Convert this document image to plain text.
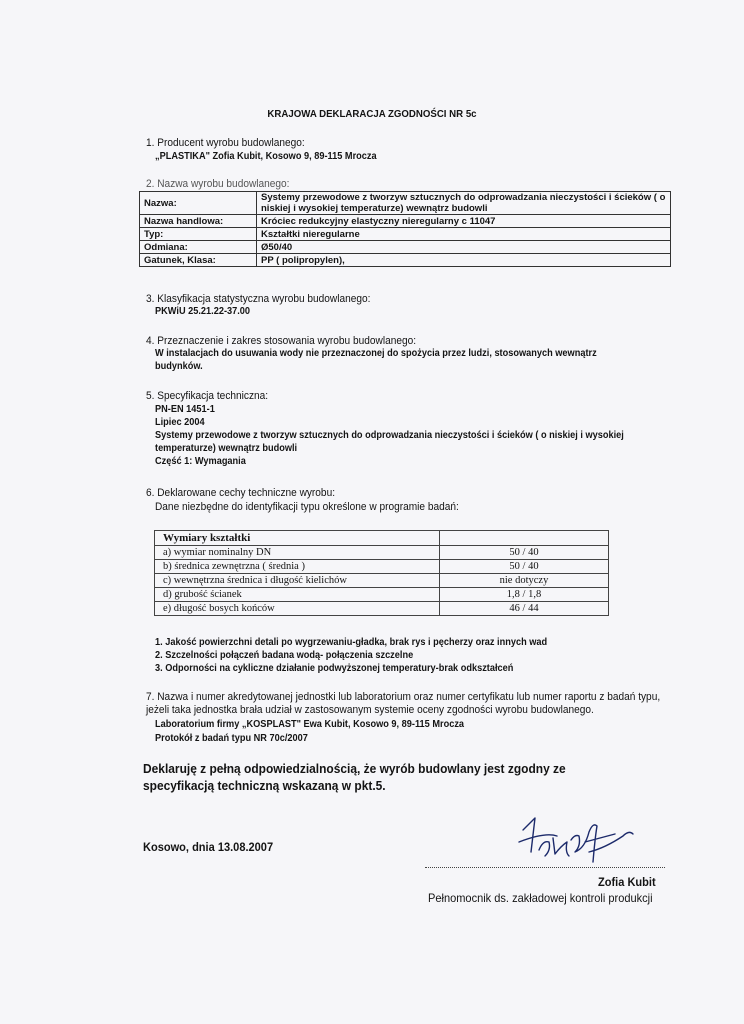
KRAJOWA DEKLARACJA ZGODNOŚCI NR 5c
1. Producent wyrobu budowlanego:
„PLASTIKA" Zofia Kubit, Kosowo 9, 89-115 Mrocza
2. Nazwa wyrobu budowlanego:
Nazwa:	Systemy przewodowe z tworzyw sztucznych do odprowadzania nieczystości i ścieków ( o niskiej i wysokiej temperaturze) wewnątrz budowli
Nazwa handlowa:	Króciec redukcyjny elastyczny nieregularny c 11047
Typ:	Kształtki nieregularne
Odmiana:	Ø50/40
Gatunek, Klasa:	PP ( polipropylen),
3. Klasyfikacja statystyczna wyrobu budowlanego:
PKWiU 25.21.22-37.00
4. Przeznaczenie i zakres stosowania wyrobu budowlanego:
W instalacjach do usuwania wody nie przeznaczonej do spożycia przez ludzi, stosowanych wewnątrz budynków.
5. Specyfikacja techniczna:
PN-EN 1451-1
Lipiec 2004
Systemy przewodowe z tworzyw sztucznych do odprowadzania nieczystości i ścieków ( o niskiej i wysokiej temperaturze) wewnątrz budowli
Część 1: Wymagania
6. Deklarowane cechy techniczne wyrobu:
Dane niezbędne do identyfikacji typu określone w programie badań:
Wymiary kształtki	
a) wymiar nominalny DN	50 / 40
b) średnica zewnętrzna ( średnia )	50 / 40
c) wewnętrzna średnica i długość kielichów	nie dotyczy
d) grubość ścianek	1,8 / 1,8
e) długość bosych końców	46 / 44
1. Jakość powierzchni detali po wygrzewaniu-gładka, brak rys i pęcherzy oraz innych wad
2. Szczelności połączeń badana wodą- połączenia szczelne
3. Odporności na cykliczne działanie podwyższonej temperatury-brak odkształceń
7. Nazwa i numer akredytowanej jednostki lub laboratorium oraz numer certyfikatu lub numer raportu z badań typu, jeżeli taka jednostka brała udział w zastosowanym systemie oceny zgodności wyrobu budowlanego.
Laboratorium firmy „KOSPLAST" Ewa Kubit, Kosowo 9, 89-115 Mrocza
Protokół z badań typu NR 70c/2007
Deklaruję z pełną odpowiedzialnością, że wyrób budowlany jest zgodny ze specyfikacją techniczną wskazaną w pkt.5.
Kosowo, dnia 13.08.2007
Zofia Kubit
Pełnomocnik ds. zakładowej kontroli produkcji
